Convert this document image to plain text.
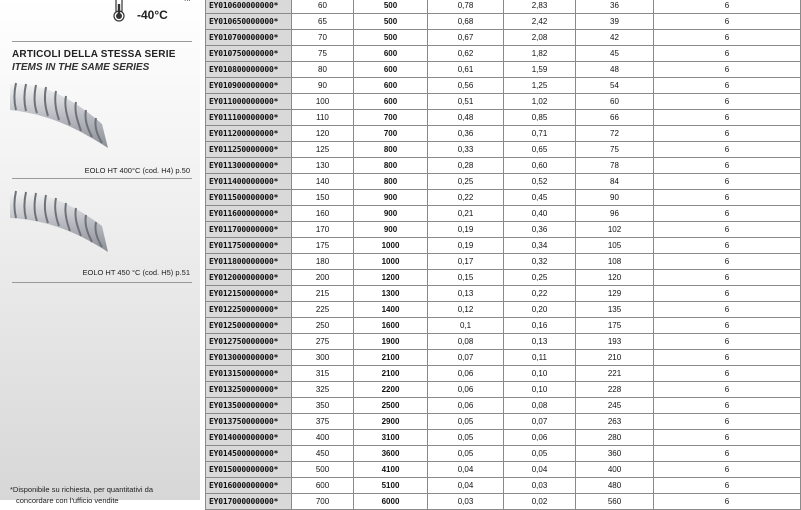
-40°C
ARTICOLI DELLA STESSA SERIE
ITEMS IN THE SAME SERIES
EOLO HT 400°C (cod. H4) p.50
EOLO HT 450 °C (cod. H5) p.51
*Disponibile su richiesta, per quantitativi da
concordare con l'ufficio vendite
EY010600000000*	60	500	0,78	2,83	36	6
EY010650000000*	65	500	0,68	2,42	39	6
EY010700000000*	70	500	0,67	2,08	42	6
EY010750000000*	75	600	0,62	1,82	45	6
EY010800000000*	80	600	0,61	1,59	48	6
EY010900000000*	90	600	0,56	1,25	54	6
EY011000000000*	100	600	0,51	1,02	60	6
EY011100000000*	110	700	0,48	0,85	66	6
EY011200000000*	120	700	0,36	0,71	72	6
EY011250000000*	125	800	0,33	0,65	75	6
EY011300000000*	130	800	0,28	0,60	78	6
EY011400000000*	140	800	0,25	0,52	84	6
EY011500000000*	150	900	0,22	0,45	90	6
EY011600000000*	160	900	0,21	0,40	96	6
EY011700000000*	170	900	0,19	0,36	102	6
EY011750000000*	175	1000	0,19	0,34	105	6
EY011800000000*	180	1000	0,17	0,32	108	6
EY012000000000*	200	1200	0,15	0,25	120	6
EY012150000000*	215	1300	0,13	0,22	129	6
EY012250000000*	225	1400	0,12	0,20	135	6
EY012500000000*	250	1600	0,1	0,16	175	6
EY012750000000*	275	1900	0,08	0,13	193	6
EY013000000000*	300	2100	0,07	0,11	210	6
EY013150000000*	315	2100	0,06	0,10	221	6
EY013250000000*	325	2200	0,06	0,10	228	6
EY013500000000*	350	2500	0,06	0,08	245	6
EY013750000000*	375	2900	0,05	0,07	263	6
EY014000000000*	400	3100	0,05	0,06	280	6
EY014500000000*	450	3600	0,05	0,05	360	6
EY015000000000*	500	4100	0,04	0,04	400	6
EY016000000000*	600	5100	0,04	0,03	480	6
EY017000000000*	700	6000	0,03	0,02	560	6
